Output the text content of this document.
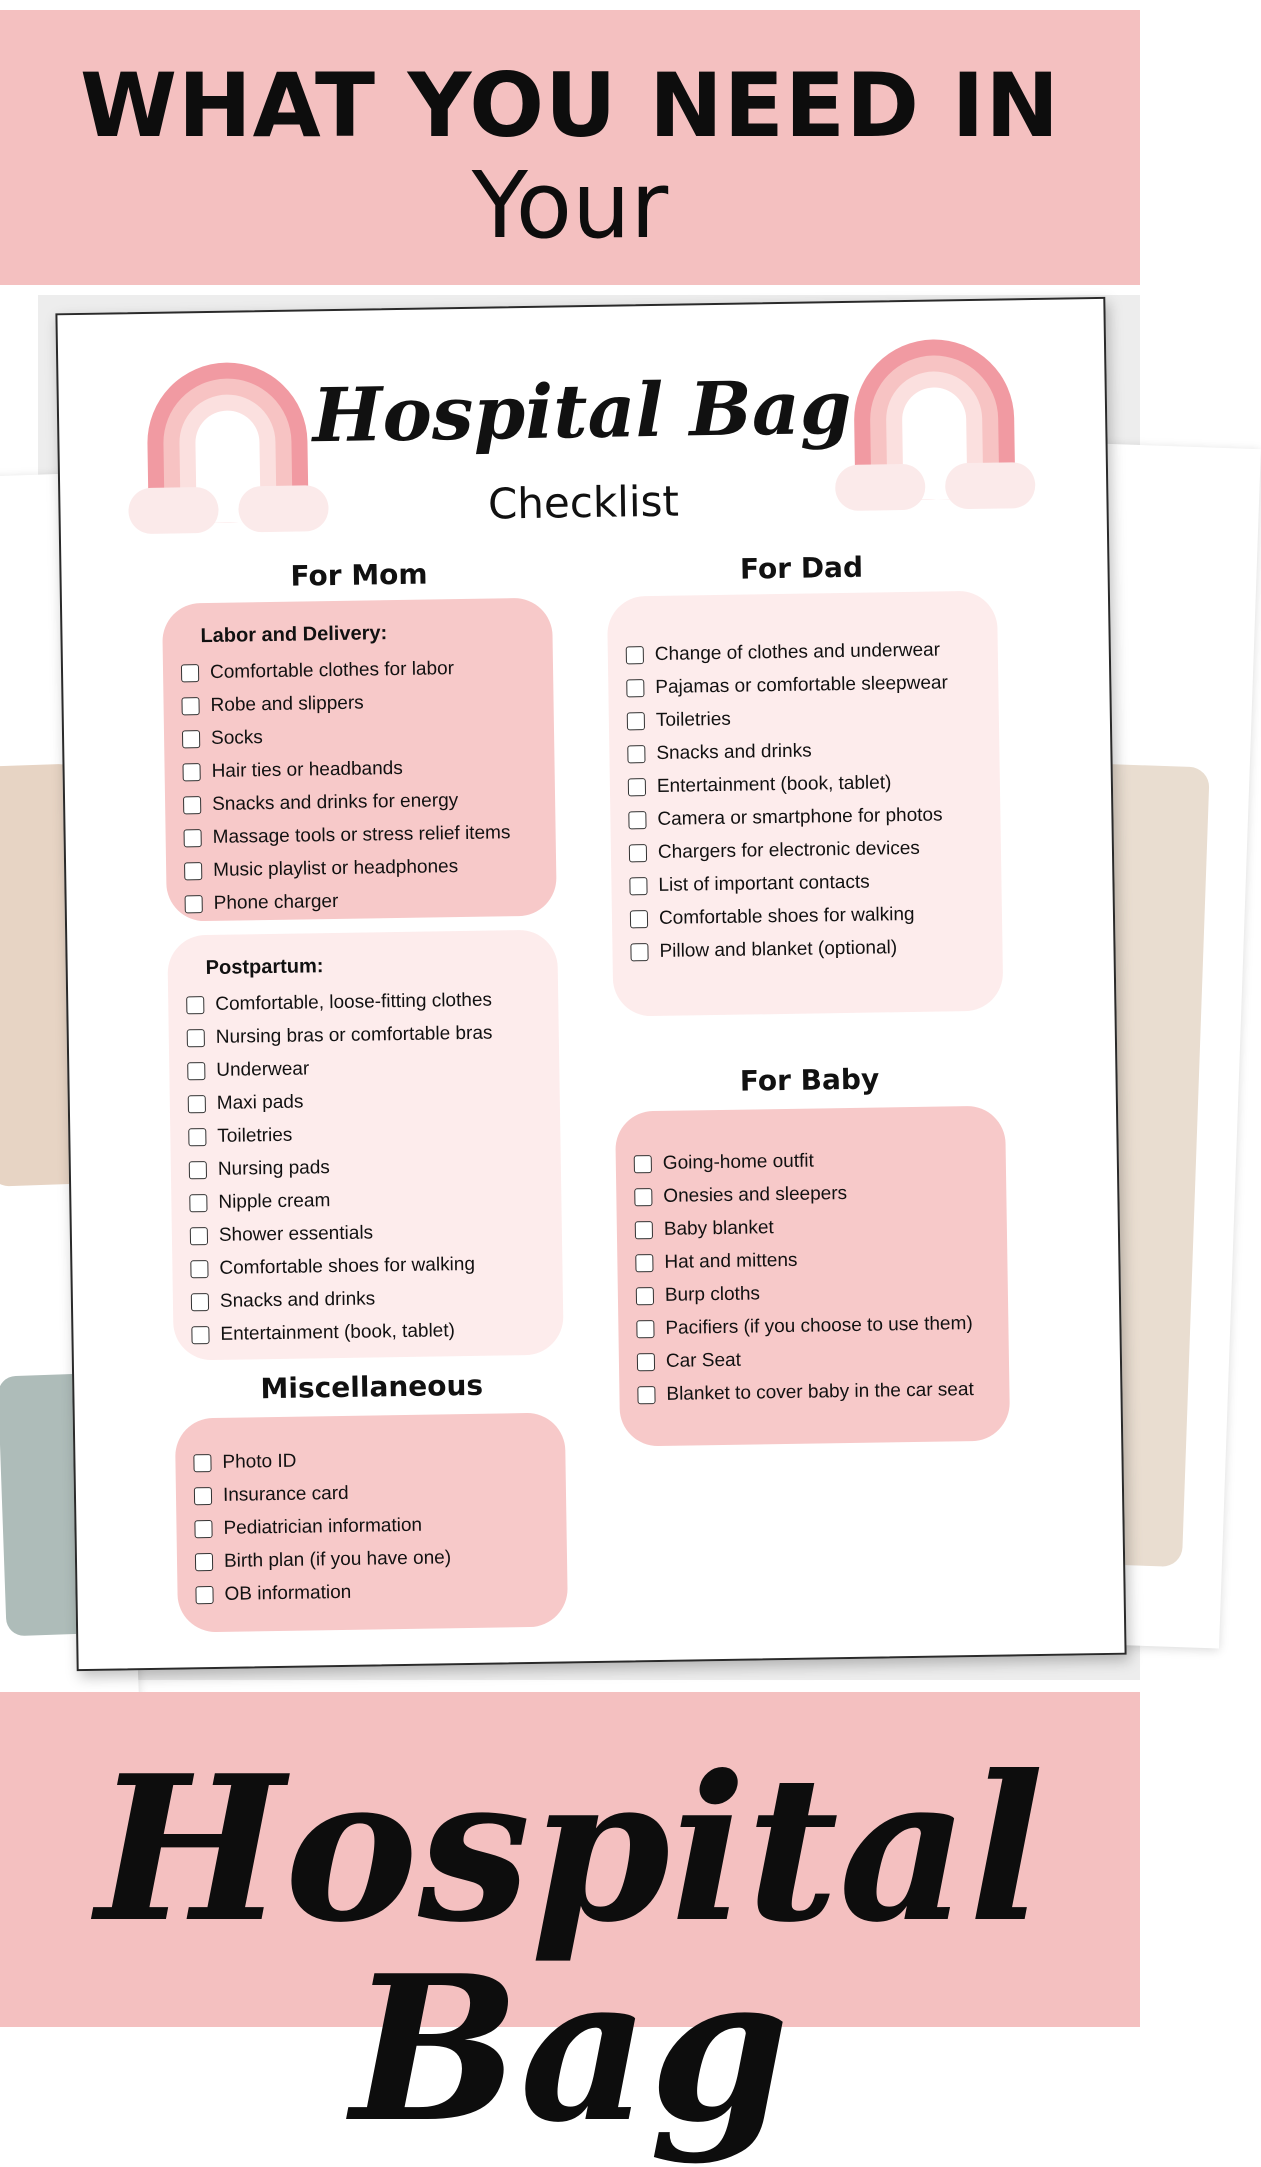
WHAT YOU NEED IN
Your
Hospital Bag
Checklist
For Mom
Labor and Delivery:
Comfortable clothes for labor
Robe and slippers
Socks
Hair ties or headbands
Snacks and drinks for energy
Massage tools or stress relief items
Music playlist or headphones
Phone charger
Postpartum:
Comfortable, loose-fitting clothes
Nursing bras or comfortable bras
Underwear
Maxi pads
Toiletries
Nursing pads
Nipple cream
Shower essentials
Comfortable shoes for walking
Snacks and drinks
Entertainment (book, tablet)
Miscellaneous
Photo ID
Insurance card
Pediatrician information
Birth plan (if you have one)
OB information
For Dad
Change of clothes and underwear
Pajamas or comfortable sleepwear
Toiletries
Snacks and drinks
Entertainment (book, tablet)
Camera or smartphone for photos
Chargers for electronic devices
List of important contacts
Comfortable shoes for walking
Pillow and blanket (optional)
For Baby
Going-home outfit
Onesies and sleepers
Baby blanket
Hat and mittens
Burp cloths
Pacifiers (if you choose to use them)
Car Seat
Blanket to cover baby in the car seat
Hospital Bag
